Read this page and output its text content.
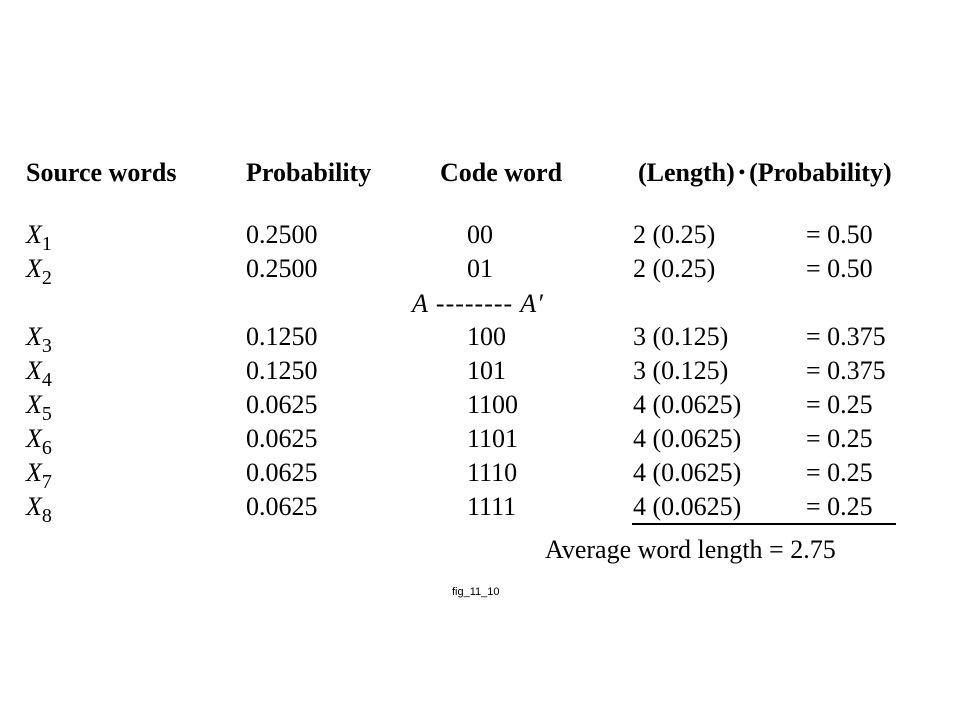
Source words	Probability	Code word	(Length) • (Probability)
$X_1$	0.2500	00	2 (0.25)	= 0.50
$X_2$	0.2500	01	2 (0.25)	= 0.50
$X_3$	0.1250	100	3 (0.125)	= 0.375
$X_4$	0.1250	101	3 (0.125)	= 0.375
$X_5$	0.0625	1100	4 (0.0625) = 0.25
$X_6$	0.0625	1101	4 (0.0625) = 0.25
$X_7$	0.0625	1110	4 (0.0625) = 0.25
$X_8$	0.0625	1111	4 (0.0625) = 0.25
A -------- A′
Average word length = 2.75
fig_11_10
